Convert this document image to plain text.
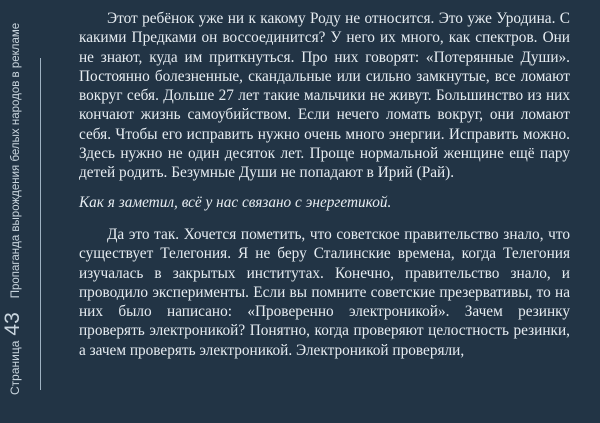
Страница
43
Пропаганда вырождения белых народов в рекламе

Этот ребёнок уже ни к какому Роду не относится. Это уже Уродина. С какими Предками он воссоединится? У него их много, как спектров. Они не знают, куда им приткнуться. Про них говорят: «Потерянные Души». Постоянно болезненные, скандальные или сильно замкнутые, все ломают вокруг себя. Дольше 27 лет такие мальчики не живут. Большинство из них кончают жизнь самоубийством. Если нечего ломать вокруг, они ломают себя. Чтобы его исправить нужно очень много энергии. Исправить можно. Здесь нужно не один десяток лет. Проще нормальной женщине ещё пару детей родить. Безумные Души не попадают в Ирий (Рай).

Как я заметил, всё у нас связано с энергетикой.

Да это так. Хочется пометить, что советское правительство знало, что существует Телегония. Я не беру Сталинские времена, когда Телегония изучалась в закрытых институтах. Конечно, правительство знало, и проводило эксперименты. Если вы помните советские презервативы, то на них было написано: «Проверенно электроникой». Зачем резинку проверять электроникой? Понятно, когда проверяют целостность резинки, а зачем проверять электроникой. Электроникой проверяли,
